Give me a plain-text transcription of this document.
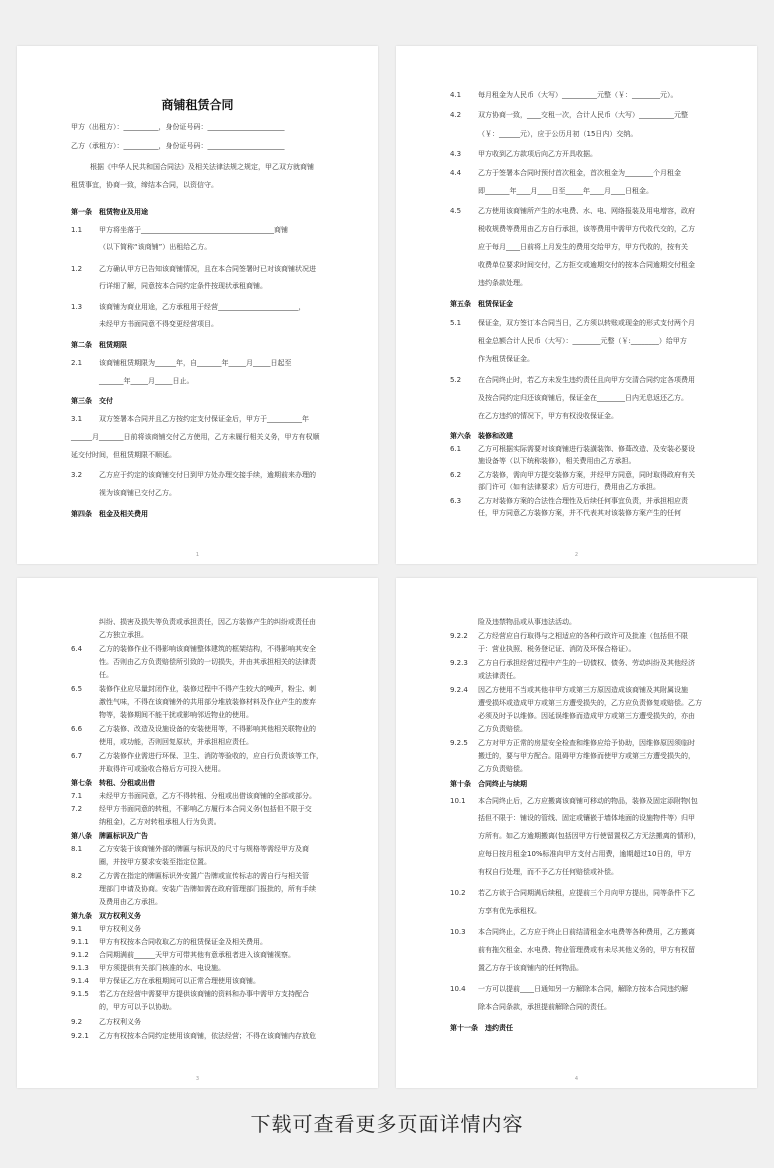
商铺租赁合同
甲方（出租方）：__________，身份证号码：______________________
乙方（承租方）：__________，身份证号码：______________________
根据《中华人民共和国合同法》及相关法律法规之规定，甲乙双方就商铺
租赁事宜，协商一致，缔结本合同，以资信守。
第一条　租赁物业及用途
1.1 甲方将坐落于______________________________________商铺
（以下简称“该商铺”）出租给乙方。
1.2 乙方确认甲方已告知该商铺情况，且在本合同签署时已对该商铺状况进
行详细了解，同意按本合同约定条件按现状承租商铺。
1.3 该商铺为商业用途，乙方承租用于经营_______________________，
未经甲方书面同意不得变更经营项目。
第二条　租赁期限
2.1 该商铺租赁期限为______年，自_______年_____月_____日起至
_______年_____月_____日止。
第三条　交付
3.1 双方签署本合同并且乙方按约定支付保证金后，甲方于__________年
______月_______日前将该商铺交付乙方使用，乙方未履行相关义务，甲方有权顺
延交付时间，但租赁期限不顺延。
3.2 乙方应于约定的该商铺交付日到甲方处办理交接手续，逾期前来办理的
视为该商铺已交付乙方。
第四条　租金及相关费用
1
4.1 每月租金为人民币（大写）__________元整（￥：________元）。
4.2 双方协商一致，____交租一次，合计人民币（大写）__________元整
（￥：______元），应于公历月初（15日内）交纳。
4.3 甲方收到乙方款项后向乙方开具收据。
4.4 乙方于签署本合同时预付首次租金，首次租金为________个月租金
即_______年____月____日至_____年____月____日租金。
4.5 乙方使用该商铺所产生的水电费、水、电、网络报装及用电增容，政府
税收规费等费用由乙方自行承担，该等费用中需甲方代收代交的，乙方
应于每月____日前将上月发生的费用交给甲方，甲方代收的，按有关
收费单位要求时间交付，乙方拒交或逾期交付的按本合同逾期交付租金
违约条款处理。
第五条　租赁保证金
5.1 保证金，双方签订本合同当日，乙方须以转账或现金的形式支付两个月
租金总额合计人民币（大写）：________元整（￥:________）给甲方
作为租赁保证金。
5.2 在合同终止时，若乙方未发生违约责任且向甲方交清合同约定各项费用
及按合同约定归还该商铺后，保证金在________日内无息返还乙方。
在乙方违约的情况下，甲方有权没收保证金。
第六条　装修和改建
6.1 乙方可根据实际需要对该商铺进行装潢装饰、修葺改造、及安装必要设
施设备等（以下统称装修），相关费用由乙方承担。
6.2 乙方装修，需向甲方提交装修方案，并经甲方同意，同时取得政府有关
部门许可（如有法律要求）后方可进行，费用由乙方承担。
6.3 乙方对装修方案的合法性合理性及后续任何事宜负责，并承担相应责
任，甲方同意乙方装修方案，并不代表其对该装修方案产生的任何
2
纠纷、损害及损失等负责或承担责任，因乙方装修产生的纠纷或责任由
乙方独立承担。
6.4 乙方的装修作业不得影响该商铺整体建筑的框架结构，不得影响其安全
性。否则由乙方负责赔偿所引致的一切损失，并由其承担相关的法律责
任。
6.5 装修作业应尽量封闭作业，装修过程中不得产生较大的噪声，粉尘、刺
激性气味，不得在该商铺外的共用部分堆放装修材料及作业产生的废弃
物等，装修期间不能干扰或影响邻近物业的使用。
6.6 乙方装修、改造及设施设备的安装使用等，不得影响其他相关联物业的
使用，或功能，否则回复原状，并承担相应责任。
6.7 乙方装修作业需进行环保、卫生、消防等验收的，应自行负责该等工作，
并取得许可或验收合格后方可投入使用。
第七条　转租、分租或出借
7.1 未经甲方书面同意，乙方不得转租、分租或出借该商铺的全部或部分。
7.2 经甲方书面同意的转租，不影响乙方履行本合同义务(包括但不限于交
纳租金)，乙方对转租承租人行为负责。
第八条　牌匾标识及广告
8.1 乙方安装于该商铺外部的牌匾与标识及的尺寸与规格等需经甲方及商
圈，并按甲方要求安装至指定位置。
8.2 乙方需在指定的牌匾标识外安置广告牌或宣传标志的需自行与相关管
理部门申请及协商。安装广告牌如需在政府管理部门报批的，所有手续
及费用由乙方承担。
第九条　双方权利义务
9.1 甲方权利义务
9.1.1 甲方有权按本合同收取乙方的租赁保证金及相关费用。
9.1.2 合同期满前______天甲方可带其他有意承租者进入该商铺视察。
9.1.3 甲方须提供有关部门核准的水、电设施。
9.1.4 甲方保证乙方在承租期间可以正常合理使用该商铺。
9.1.5 若乙方在经营中需要甲方提供该商铺的资料和办事中需甲方支持配合
的，甲方可以予以协助。
9.2 乙方权利义务
9.2.1 乙方有权按本合同约定使用该商铺，依法经营；不得在该商铺内存放危
3
险及违禁物品或从事违法活动。
9.2.2 乙方经营应自行取得与之相适应的各种行政许可及批准（包括但不限
于：营业执照、税务登记证、消防及环保合格证）。
9.2.3 乙方自行承担经营过程中产生的一切债权、债务、劳动纠纷及其他经济
或法律责任。
9.2.4 因乙方使用不当或其他非甲方或第三方原因造成该商铺及其附属设施
遭受损坏或造成甲方或第三方遭受损失的，乙方应负责修复或赔偿。乙方
必须及时予以维修。因延误维修而造成甲方或第三方遭受损失的，亦由
乙方负责赔偿。
9.2.5 乙方对甲方正常的房屋安全检查和维修应给予协助，因维修原因须临时
搬迁的，要与甲方配合。阻碍甲方维修而使甲方或第三方遭受损失的，
乙方负责赔偿。
第十条　合同终止与续期
10.1 本合同终止后，乙方应搬离该商铺可移动的物品，装修及固定添附物(包
括但不限于：铺设的管线、固定或镶嵌于墙体地面的设施物件等）归甲
方所有。如乙方逾期搬离(包括因甲方行使留置权乙方无法搬离的情形)，
应每日按月租金10%标准向甲方支付占用费，逾期超过10日的，甲方
有权自行处理，而不予乙方任何赔偿或补偿。
10.2 若乙方欲于合同期满后续租，应提前三个月向甲方提出，同等条件下乙
方享有优先承租权。
10.3 本合同终止，乙方应于终止日前结清租金水电费等各种费用，乙方搬离
前有拖欠租金、水电费、物业管理费或有未尽其他义务的，甲方有权留
置乙方存于该商铺内的任何物品。
10.4 一方可以提前____日通知另一方解除本合同，解除方按本合同违约解
除本合同条款，承担提前解除合同的责任。
第十一条　违约责任
4
下载可查看更多页面详情内容
